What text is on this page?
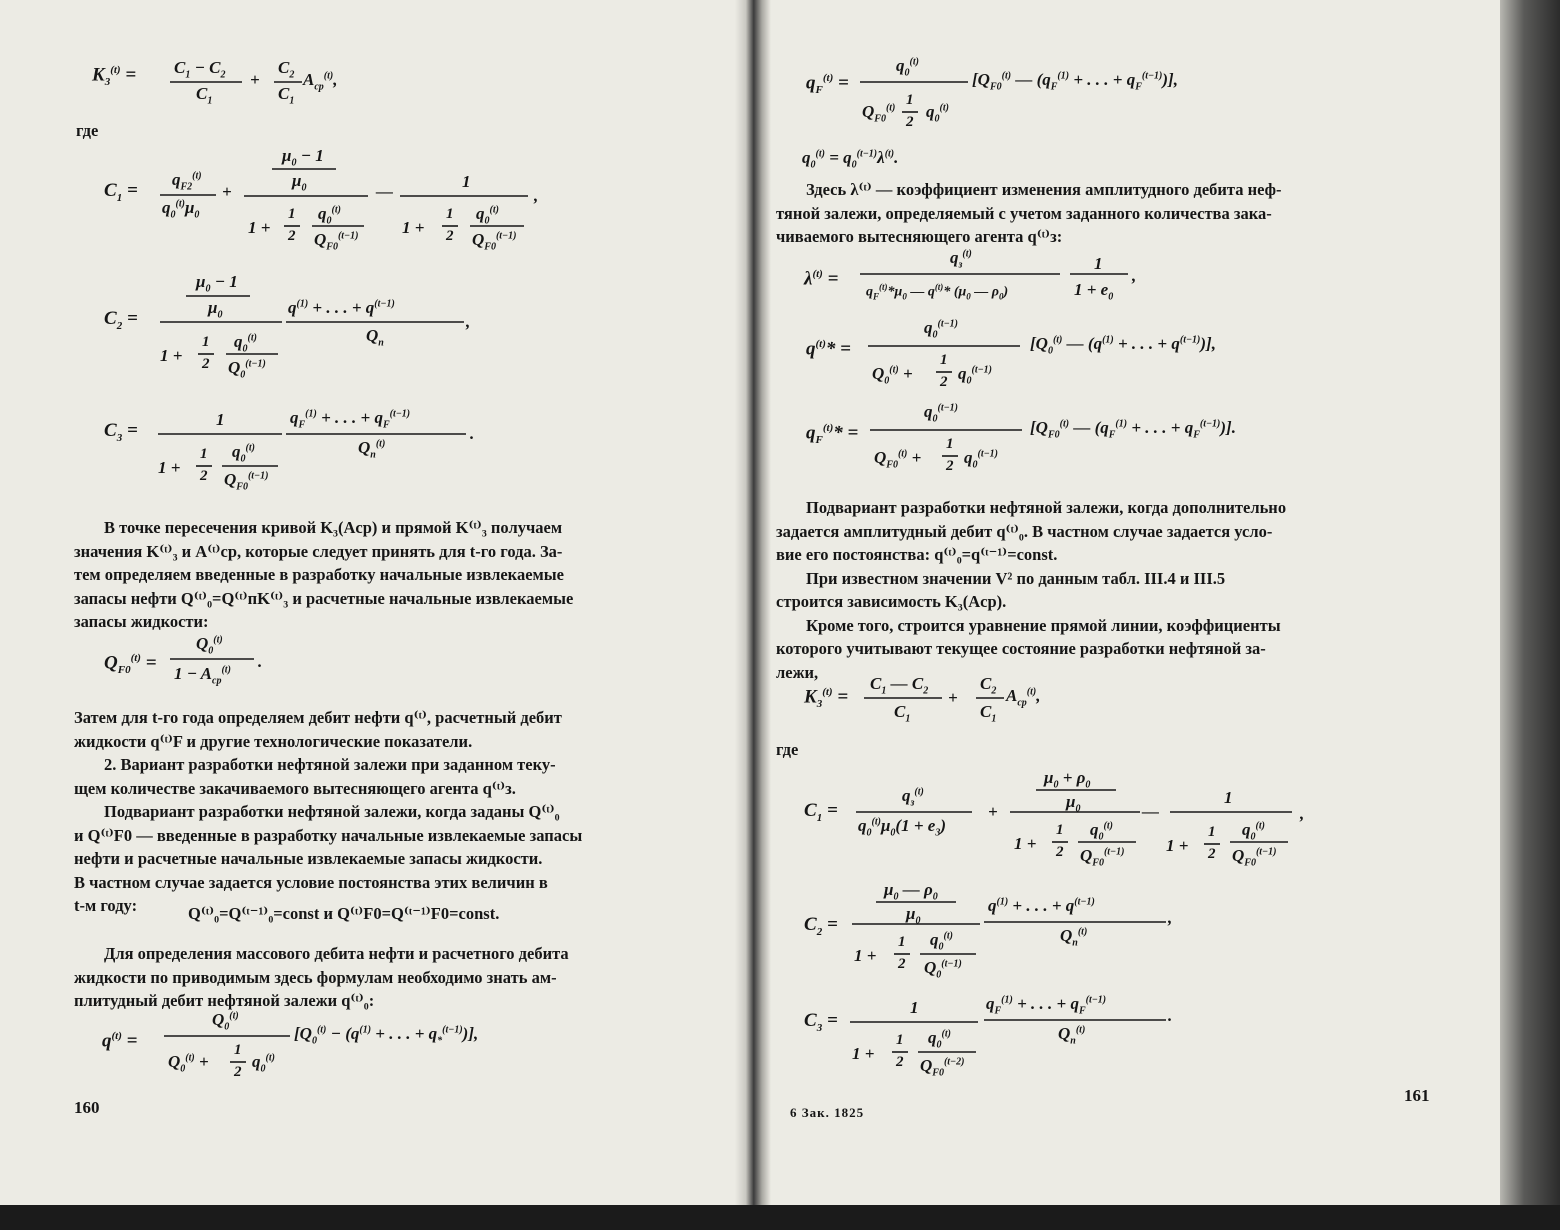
$K_3^{(t)} = C_1 - C_2$
$C_1$
+
$C_2$
$C_1$
$A_{ср}^{(t)}$,
где
$C_1$ =
$q_{F2}^{(t)}$
$q_0^{(t)}\mu_0$
+
$\mu_0 - 1$
$\mu_0$
1 +
1
2
$q_0^{(t)}$
$Q_{F0}^{(t-1)}$
—
1
1 +
1
2
$q_0^{(t)}$
$Q_{F0}^{(t-1)}$
,
$C_2$ =
$\mu_0 - 1$
$\mu_0$
1 +
1
2
$q_0^{(t)}$
$Q_0^{(t-1)}$
$q^{(1)}$ + . . . + $q^{(t-1)}$
$Q_п$
,
$C_3$ =
1
1 +
1
2
$q_0^{(t)}$
$Q_{F0}^{(t-1)}$
$q_F^{(1)}$ + . . . + $q_F^{(t-1)}$
$Q_п^{(t)}$
.
В точке пересечения кривой K₃(Aср) и прямой K⁽ᵗ⁾₃ получаем
значения K⁽ᵗ⁾₃ и A⁽ᵗ⁾ср, которые следует принять для t-го года. За-
тем определяем введенные в разработку начальные извлекаемые
запасы нефти Q⁽ᵗ⁾₀=Q⁽ᵗ⁾пK⁽ᵗ⁾₃ и расчетные начальные извлекаемые
запасы жидкости:
$Q_{F0}^{(t)}$ =
$Q_0^{(t)}$
$1 - A_{ср}^{(t)}$ .
Затем для t-го года определяем дебит нефти q⁽ᵗ⁾, расчетный дебит
жидкости q⁽ᵗ⁾F и другие технологические показатели.
2. Вариант разработки нефтяной залежи при заданном теку-
щем количестве закачиваемого вытесняющего агента q⁽ᵗ⁾з.
Подвариант разработки нефтяной залежи, когда заданы Q⁽ᵗ⁾₀
и Q⁽ᵗ⁾F0 — введенные в разработку начальные извлекаемые запасы
нефти и расчетные начальные извлекаемые запасы жидкости.
В частном случае задается условие постоянства этих величин в
t-м году:	Q⁽ᵗ⁾₀=Q⁽ᵗ⁻¹⁾₀=const и Q⁽ᵗ⁾F0=Q⁽ᵗ⁻¹⁾F0=const.
Для определения массового дебита нефти и расчетного дебита
жидкости по приводимым здесь формулам необходимо знать ам-
плитудный дебит нефтяной залежи q⁽ᵗ⁾₀:
$q^{(t)}$ =
$Q_0^{(t)}$
$Q_0^{(t)}$ +
1
2
$q_0^{(t)}$
[$Q_0^{(t)} - (q^{(1)}$ + . . . + $q_*^{(t-1)}$)],
160
$q_F^{(t)}$ =
$q_0^{(t)}$
$Q_{F0}^{(t)}$ 1
2
$q_0^{(t)}$
[$Q_{F0}^{(t)}$ — ($q_F^{(1)}$ + . . . + $q_F^{(t-1)}$)],
$q_0^{(t)} = q_0^{(t-1)}\lambda^{(t)}$.
Здесь λ⁽ᵗ⁾ — коэффициент изменения амплитудного дебита неф-
тяной залежи, определяемый с учетом заданного количества зака-
чиваемого вытесняющего агента q⁽ᵗ⁾з:
$\lambda^{(t)}$ =
$q_з^{(t)}$
$q_F^{(t)}*\mu_0$ — $q^{(t)}*$ ($\mu_0$ — $\rho_0$)
1
$1 + e_0$
,
$q^{(t)}*$ =
$q_0^{(t-1)}$
$Q_0^{(t)}$ +
1
2 $q_0^{(t-1)}$
[$Q_0^{(t)}$ — ($q^{(1)}$ + . . . + $q^{(t-1)}$)],
$q_F^{(t)}*$ =
$q_0^{(t-1)}$
$Q_{F0}^{(t)}$ +
1
2 $q_0^{(t-1)}$
[$Q_{F0}^{(t)}$ — ($q_F^{(1)}$ + . . . + $q_F^{(t-1)}$)].
Подвариант разработки нефтяной залежи, когда дополнительно
задается амплитудный дебит q⁽ᵗ⁾₀. В частном случае задается усло-
вие его постоянства: q⁽ᵗ⁾₀=q⁽ᵗ⁻¹⁾=const.
При известном значении V² по данным табл. III.4 и III.5
строится зависимость K₃(Aср).
Кроме того, строится уравнение прямой линии, коэффициенты
которого учитывают текущее состояние разработки нефтяной за-
лежи,
$K_3^{(t)}$ =
$C_1$ — $C_2$
$C_1$
+
$C_2$
$C_1$
$A_{ср}^{(t)}$,
где
$C_1$ =
$q_з^{(t)}$
$q_0^{(t)}\mu_0(1 + e_3)$
+
$\mu_0 + \rho_0$
$\mu_0$
1 +
1
2
$q_0^{(t)}$
$Q_{F0}^{(t-1)}$
—
1
1 +
1
2
$q_0^{(t)}$
$Q_{F0}^{(t-1)}$
,
$C_2$ =
$\mu_0$ — $\rho_0$
$\mu_0$
1 +
1
2
$q_0^{(t)}$
$Q_0^{(t-1)}$
$q^{(1)}$ + . . . + $q^{(t-1)}$
$Q_п^{(t)}$
,
$C_3$ =
1
1 +
1
2
$q_0^{(t)}$
$Q_{F0}^{(t-2)}$
$q_F^{(1)}$ + . . . + $q_F^{(t-1)}$
$Q_п^{(t)}$
.
6 Зак. 1825
161
